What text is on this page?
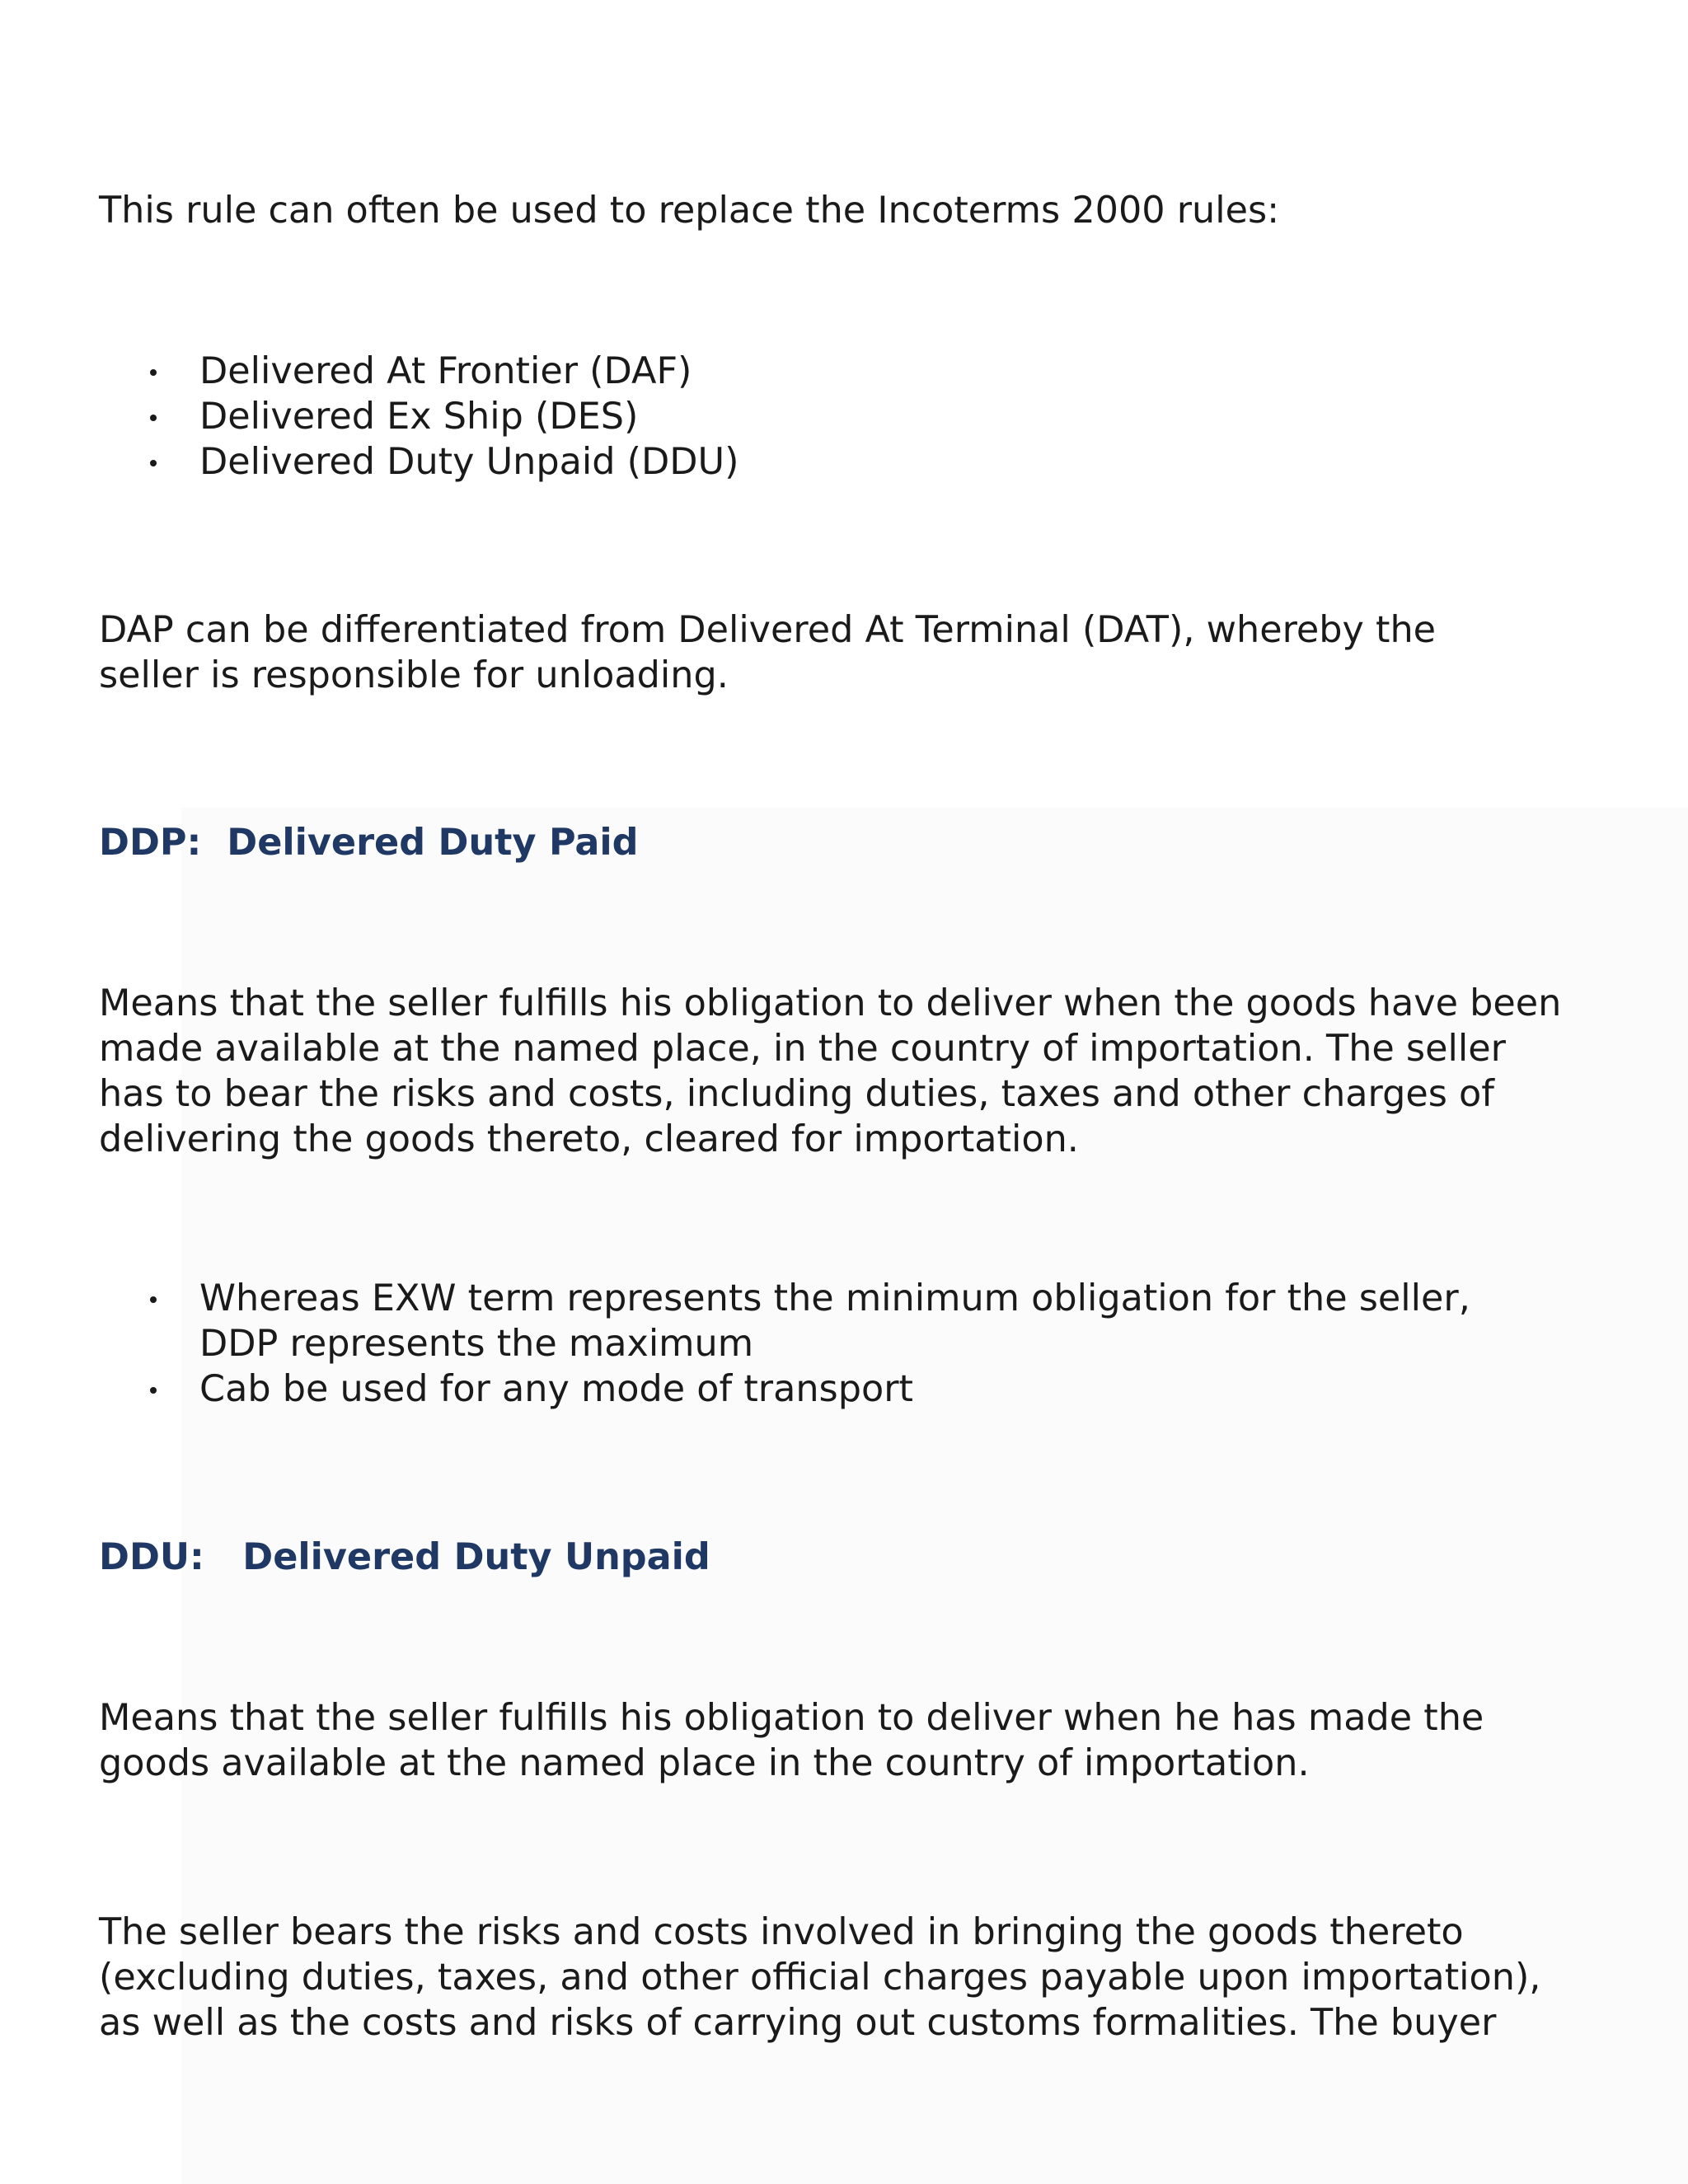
This rule can often be used to replace the Incoterms 2000 rules:

Delivered At Frontier (DAF)
Delivered Ex Ship (DES)
Delivered Duty Unpaid (DDU)

DAP can be differentiated from Delivered At Terminal (DAT), whereby the
seller is responsible for unloading.

DDP:  Delivered Duty Paid

Means that the seller fulfills his obligation to deliver when the goods have been
made available at the named place, in the country of importation. The seller
has to bear the risks and costs, including duties, taxes and other charges of
delivering the goods thereto, cleared for importation.

Whereas EXW term represents the minimum obligation for the seller,
DDP represents the maximum
Cab be used for any mode of transport
DDU:   Delivered Duty Unpaid

Means that the seller fulfills his obligation to deliver when he has made the
goods available at the named place in the country of importation.

The seller bears the risks and costs involved in bringing the goods thereto
(excluding duties, taxes, and other official charges payable upon importation),
as well as the costs and risks of carrying out customs formalities. The buyer
